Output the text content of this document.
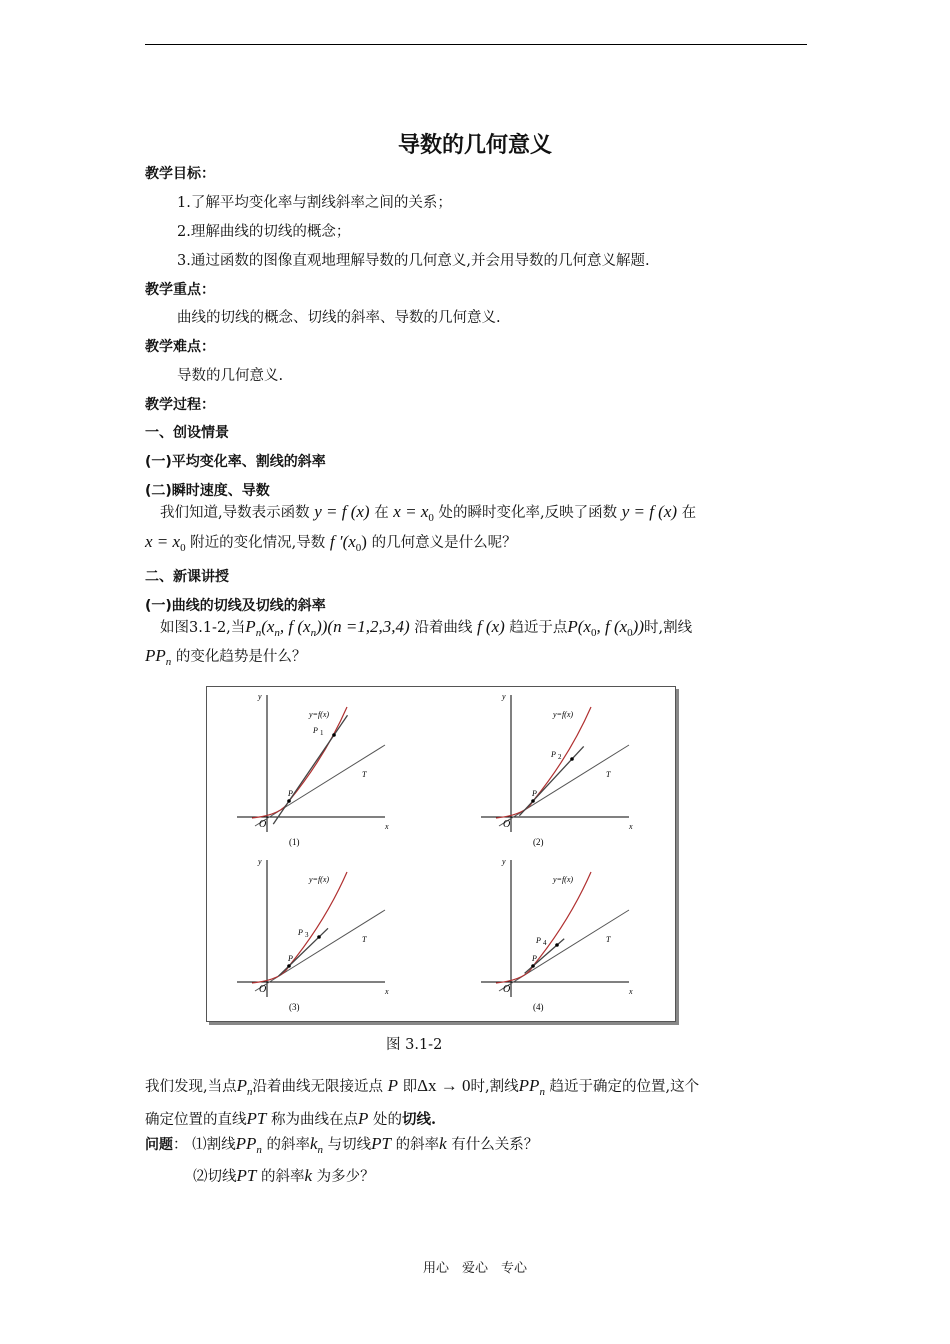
导数的几何意义
教学目标：
1.了解平均变化率与割线斜率之间的关系；
2.理解曲线的切线的概念；
3.通过函数的图像直观地理解导数的几何意义,并会用导数的几何意义解题.
教学重点：
曲线的切线的概念、切线的斜率、导数的几何意义.
教学难点：
导数的几何意义.
教学过程：
一、创设情景
(一)平均变化率、割线的斜率
(二)瞬时速度、导数
我们知道,导数表示函数 y = f (x) 在 $x = x_0$ 处的瞬时变化率,反映了函数 y = f (x) 在
$x = x_0$ 附近的变化情况,导数 f $'(x_0)$ 的几何意义是什么呢？
二、新课讲授
(一)曲线的切线及切线的斜率
如图3.1-2,当$P_n(x_n$, f $(x_n))(n =1,2,3,4)$ 沿着曲线 f (x) 趋近于点$P(x_0$, f $(x_0)$)时,割线
$PP_n$ 的变化趋势是什么？
y
x
O
y=f(x)
T
P
P 1
(1)
y
x
O
y=f(x)
T
P
P 2
(2)
y
x
O
y=f(x)
T
P
P 3
(3)
y
x
O
y=f(x)
T
P
P 4
(4)
图 3.1-2
我们发现,当点$P_n$沿着曲线无限接近点 P 即Δx → 0时,割线$PP_n$ 趋近于确定的位置,这个
确定位置的直线PT 称为曲线在点P 处的切线.
问题： ⑴割线$PP_n$ 的斜率$k_n$ 与切线PT 的斜率k 有什么关系？
⑵切线PT 的斜率k 为多少？
用心　爱心　专心
